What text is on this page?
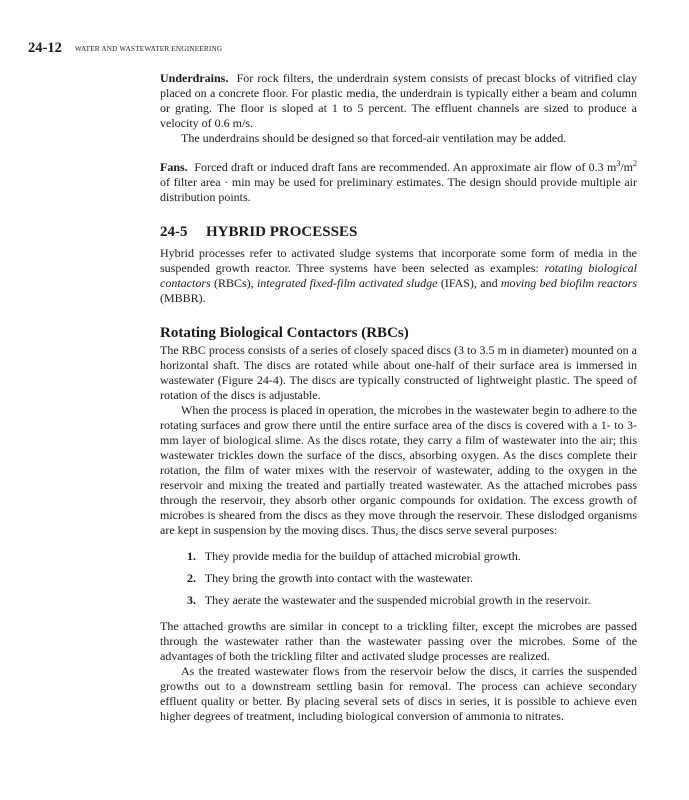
24-12 WATER AND WASTEWATER ENGINEERING

Underdrains. For rock filters, the underdrain system consists of precast blocks of vitrified clay placed on a concrete floor. For plastic media, the underdrain is typically either a beam and column or grating. The floor is sloped at 1 to 5 percent. The effluent channels are sized to produce a velocity of 0.6 m/s.

The underdrains should be designed so that forced-air ventilation may be added.

Fans. Forced draft or induced draft fans are recommended. An approximate air flow of 0.3 $m^3/m^2$ of filter area · min may be used for preliminary estimates. The design should provide multiple air distribution points.

24-5 HYBRID PROCESSES

Hybrid processes refer to activated sludge systems that incorporate some form of media in the suspended growth reactor. Three systems have been selected as examples: rotating biological contactors (RBCs), integrated fixed-film activated sludge (IFAS), and moving bed biofilm reactors (MBBR).

Rotating Biological Contactors (RBCs)

The RBC process consists of a series of closely spaced discs (3 to 3.5 m in diameter) mounted on a horizontal shaft. The discs are rotated while about one-half of their surface area is immersed in wastewater (Figure 24-4). The discs are typically constructed of lightweight plastic. The speed of rotation of the discs is adjustable.

When the process is placed in operation, the microbes in the wastewater begin to adhere to the rotating surfaces and grow there until the entire surface area of the discs is covered with a 1- to 3-mm layer of biological slime. As the discs rotate, they carry a film of wastewater into the air; this wastewater trickles down the surface of the discs, absorbing oxygen. As the discs complete their rotation, the film of water mixes with the reservoir of wastewater, adding to the oxygen in the reservoir and mixing the treated and partially treated wastewater. As the attached microbes pass through the reservoir, they absorb other organic compounds for oxidation. The excess growth of microbes is sheared from the discs as they move through the reservoir. These dislodged organisms are kept in suspension by the moving discs. Thus, the discs serve several purposes:

1. They provide media for the buildup of attached microbial growth.
2. They bring the growth into contact with the wastewater.
3. They aerate the wastewater and the suspended microbial growth in the reservoir.

The attached growths are similar in concept to a trickling filter, except the microbes are passed through the wastewater rather than the wastewater passing over the microbes. Some of the advantages of both the trickling filter and activated sludge processes are realized.

As the treated wastewater flows from the reservoir below the discs, it carries the suspended growths out to a downstream settling basin for removal. The process can achieve secondary effluent quality or better. By placing several sets of discs in series, it is possible to achieve even higher degrees of treatment, including biological conversion of ammonia to nitrates.
